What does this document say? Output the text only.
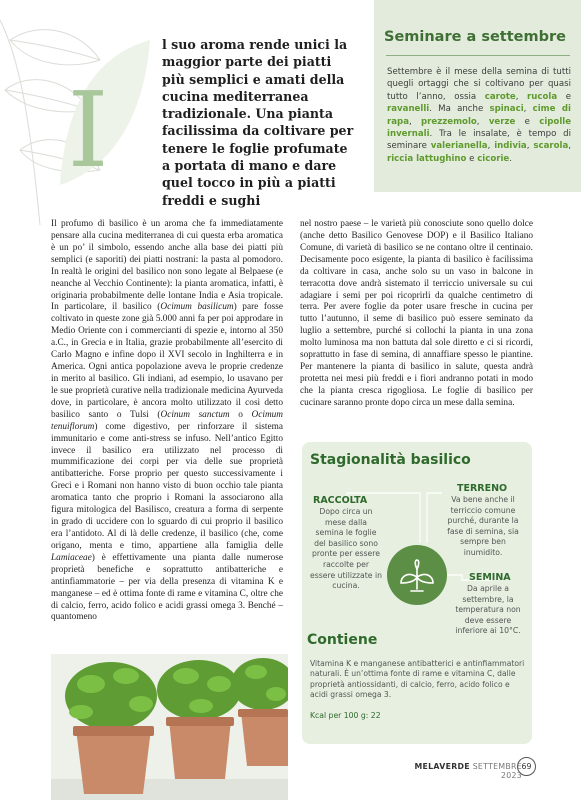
I
l suo aroma rende unici la maggior parte dei piatti più semplici e amati della cucina mediterranea tradizionale. Una pianta facilissima da coltivare per tenere le foglie profumate a portata di mano e dare quel tocco in più a piatti freddi e sughi
Seminare a settembre
Settembre è il mese della semina di tutti quegli ortaggi che si coltivano per quasi tutto l’anno, ossia carote, rucola e ravanelli. Ma anche spinaci, cime di rapa, prezzemolo, verze e cipolle invernali. Tra le insalate, è tempo di seminare valerianella, indivia, scarola, riccia lattughino e cicorie.
Il profumo di basilico è un aroma che fa immediatamente pensare alla cucina mediterranea di cui questa erba aromatica è un po’ il simbolo, essendo anche alla base dei piatti più semplici (e saporiti) dei piatti nostrani: la pasta al pomodoro. In realtà le origini del basilico non sono legate al Belpaese (e neanche al Vecchio Continente): la pianta aromatica, infatti, è originaria probabilmente delle lontane India e Asia tropicale. In particolare, il basilico (Ocimum basilicum) pare fosse coltivato in queste zone già 5.000 anni fa per poi approdare in Medio Oriente con i commercianti di spezie e, intorno al 350 a.C., in Grecia e in Italia, grazie probabilmente all’esercito di Carlo Magno e infine dopo il XVI secolo in Inghilterra e in America. Ogni antica popolazione aveva le proprie credenze in merito al basilico. Gli indiani, ad esempio, lo usavano per le sue proprietà curative nella tradizionale medicina Ayurveda dove, in particolare, è ancora molto utilizzato il così detto basilico santo o Tulsi (Ocinum sanctum o Ocimum tenuiflorum) come digestivo, per rinforzare il sistema immunitario e come anti-stress se infuso. Nell’antico Egitto invece il basilico era utilizzato nel processo di mummificazione dei corpi per via delle sue proprietà antibatteriche. Forse proprio per questo successivamente i Greci e i Romani non hanno visto di buon occhio tale pianta aromatica tanto che proprio i Romani la associarono alla figura mitologica del Basilisco, creatura a forma di serpente in grado di uccidere con lo sguardo di cui proprio il basilico era l’antidoto. Al di là delle credenze, il basilico (che, come origano, menta e timo, appartiene alla famiglia delle Lamiaceae) è effettivamente una pianta dalle numerose proprietà benefiche e soprattutto antibatteriche e antinfiammatorie – per via della presenza di vitamina K e manganese – ed è ottima fonte di rame e vitamina C, oltre che di calcio, ferro, acido folico e acidi grassi omega 3. Benché – quantomeno
nel nostro paese – le varietà più conosciute sono quello dolce (anche detto Basilico Genovese DOP) e il Basilico Italiano Comune, di varietà di basilico se ne contano oltre il centinaio. Decisamente poco esigente, la pianta di basilico è facilissima da coltivare in casa, anche solo su un vaso in balcone in terracotta dove andrà sistemato il terriccio universale su cui adagiare i semi per poi ricoprirli da qualche centimetro di terra. Per avere foglie da poter usare fresche in cucina per tutto l’autunno, il seme di basilico può essere seminato da luglio a settembre, purché si collochi la pianta in una zona molto luminosa ma non battuta dal sole diretto e ci si ricordi, soprattutto in fase di semina, di annaffiare spesso le piantine. Per mantenere la pianta di basilico in salute, questa andrà protetta nei mesi più freddi e i fiori andranno potati in modo che la pianta cresca rigogliosa. Le foglie di basilico per cucinare saranno pronte dopo circa un mese dalla semina.
Stagionalità basilico
RACCOLTA
Dopo circa un mese dalla semina le foglie del basilico sono pronte per essere raccolte per essere utilizzate in cucina.
TERRENO
Va bene anche il terriccio comune purché, durante la fase di semina, sia sempre ben inumidito.
SEMINA
Da aprile a settembre, la temperatura non deve essere inferiore ai 10°C.
Contiene
Vitamina K e manganese antibatterici e antinfiammatori naturali. È un’ottima fonte di rame e vitamina C, dalle proprietà antiossidanti, di calcio, ferro, acido folico e acidi grassi omega 3.
Kcal per 100 g: 22
MELAVERDE SETTEMBRE 2023
69
